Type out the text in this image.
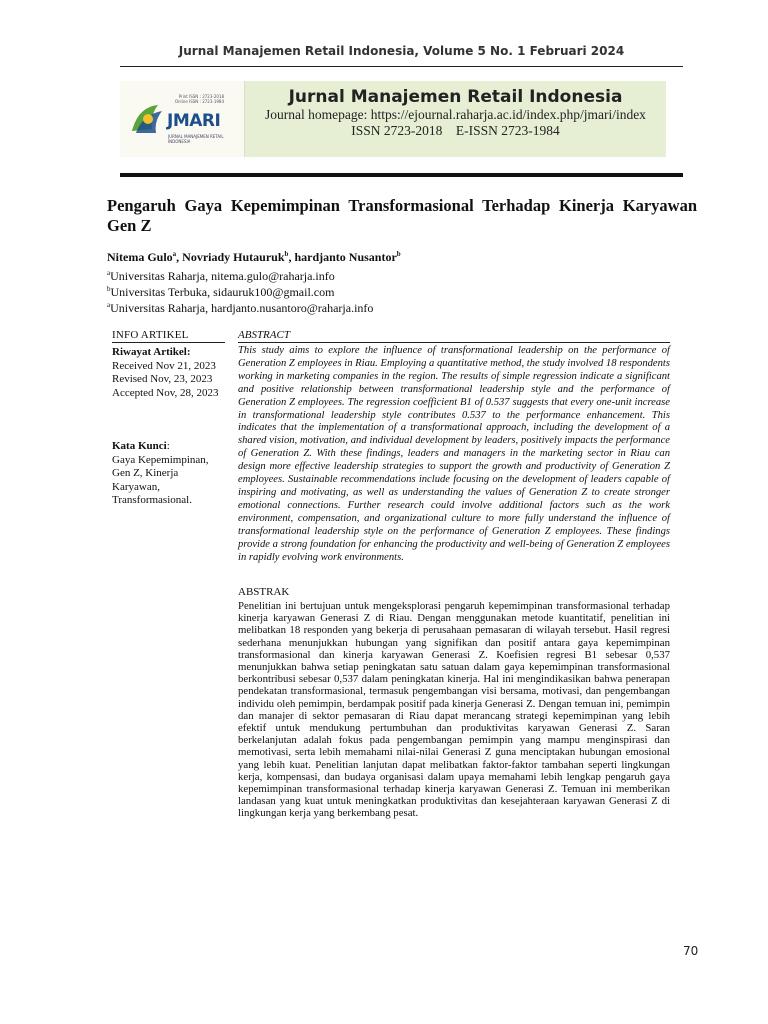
Jurnal Manajemen Retail Indonesia, Volume 5 No. 1 Februari 2024
Print ISSN : 2723-2018
Online ISSN : 2723-1984
JMARI
JURNAL MANAJEMEN RETAIL INDONESIA
Jurnal Manajemen Retail Indonesia
Journal homepage: https://ejournal.raharja.ac.id/index.php/jmari/index
ISSN 2723-2018    E-ISSN 2723-1984
Pengaruh Gaya Kepemimpinan Transformasional Terhadap Kinerja Karyawan Gen Z
Nitema Gulo$^a$, Novriady Hutauruk$^b$, hardjanto Nusantor$^b$
$^a$Universitas Raharja, nitema.gulo@raharja.info
$^b$Universitas Terbuka, sidauruk100@gmail.com
$^a$Universitas Raharja, hardjanto.nusantoro@raharja.info
INFO ARTIKEL	ABSTRACT
Riwayat Artikel:
Received Nov 21, 2023
Revised Nov, 23, 2023
Accepted Nov, 28, 2023
Kata Kunci:
Gaya Kepemimpinan,
Gen Z, Kinerja
Karyawan,
Transformasional.

This study aims to explore the influence of transformational leadership on the performance of Generation Z employees in Riau. Employing a quantitative method, the study involved 18 respondents working in marketing companies in the region. The results of simple regression indicate a significant and positive relationship between transformational leadership style and the performance of Generation Z employees. The regression coefficient B1 of 0.537 suggests that every one-unit increase in transformational leadership style contributes 0.537 to the performance enhancement. This indicates that the implementation of a transformational approach, including the development of a shared vision, motivation, and individual development by leaders, positively impacts the performance of Generation Z. With these findings, leaders and managers in the marketing sector in Riau can design more effective leadership strategies to support the growth and productivity of Generation Z employees. Sustainable recommendations include focusing on the development of leaders capable of inspiring and motivating, as well as understanding the values of Generation Z to create stronger emotional connections. Further research could involve additional factors such as the work environment, compensation, and organizational culture to more fully understand the influence of transformational leadership style on the performance of Generation Z employees. These findings provide a strong foundation for enhancing the productivity and well-being of Generation Z employees in rapidly evolving work environments.

ABSTRAK

Penelitian ini bertujuan untuk mengeksplorasi pengaruh kepemimpinan transformasional terhadap kinerja karyawan Generasi Z di Riau. Dengan menggunakan metode kuantitatif, penelitian ini melibatkan 18 responden yang bekerja di perusahaan pemasaran di wilayah tersebut. Hasil regresi sederhana menunjukkan hubungan yang signifikan dan positif antara gaya kepemimpinan transformasional dan kinerja karyawan Generasi Z. Koefisien regresi B1 sebesar 0,537 menunjukkan bahwa setiap peningkatan satu satuan dalam gaya kepemimpinan transformasional berkontribusi sebesar 0,537 dalam peningkatan kinerja. Hal ini mengindikasikan bahwa penerapan pendekatan transformasional, termasuk pengembangan visi bersama, motivasi, dan pengembangan individu oleh pemimpin, berdampak positif pada kinerja Generasi Z. Dengan temuan ini, pemimpin dan manajer di sektor pemasaran di Riau dapat merancang strategi kepemimpinan yang lebih efektif untuk mendukung pertumbuhan dan produktivitas karyawan Generasi Z. Saran berkelanjutan adalah fokus pada pengembangan pemimpin yang mampu menginspirasi dan memotivasi, serta lebih memahami nilai-nilai Generasi Z guna menciptakan hubungan emosional yang lebih kuat. Penelitian lanjutan dapat melibatkan faktor-faktor tambahan seperti lingkungan kerja, kompensasi, dan budaya organisasi dalam upaya memahami lebih lengkap pengaruh gaya kepemimpinan transformasional terhadap kinerja karyawan Generasi Z. Temuan ini memberikan landasan yang kuat untuk meningkatkan produktivitas dan kesejahteraan karyawan Generasi Z di lingkungan kerja yang berkembang pesat.

70
